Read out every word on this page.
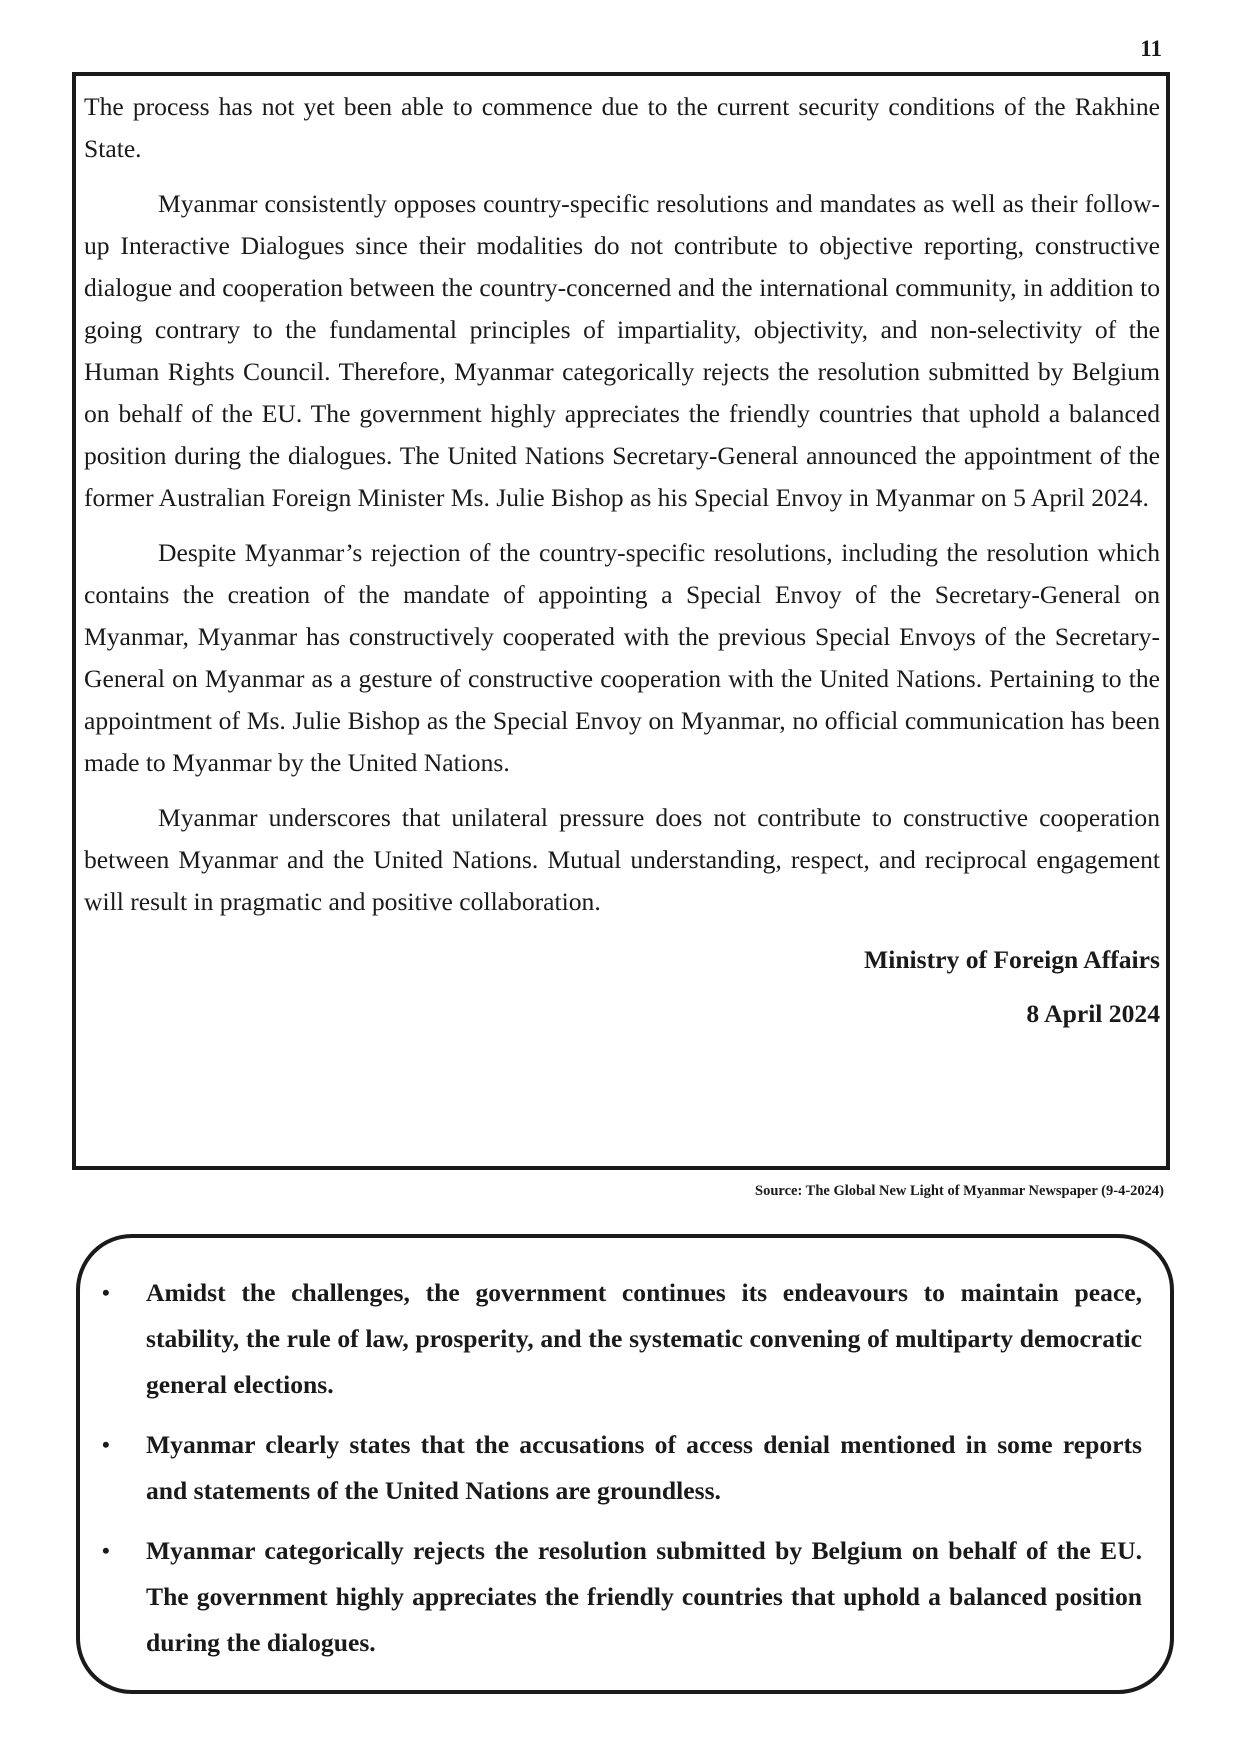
11

The process has not yet been able to commence due to the current security conditions of the Rakhine State.

Myanmar consistently opposes country-specific resolutions and mandates as well as their follow-up Interactive Dialogues since their modalities do not contribute to objective reporting, constructive dialogue and cooperation between the country-concerned and the international community, in addition to going contrary to the fundamental principles of impartiality, objectivity, and non-selectivity of the Human Rights Council. Therefore, Myanmar categorically rejects the resolution submitted by Belgium on behalf of the EU. The government highly appreciates the friendly countries that uphold a balanced position during the dialogues. The United Nations Secretary-General announced the appointment of the former Australian Foreign Minister Ms. Julie Bishop as his Special Envoy in Myanmar on 5 April 2024.

Despite Myanmar’s rejection of the country-specific resolutions, including the resolution which contains the creation of the mandate of appointing a Special Envoy of the Secretary-General on Myanmar, Myanmar has constructively cooperated with the previous Special Envoys of the Secretary-General on Myanmar as a gesture of constructive cooperation with the United Nations. Pertaining to the appointment of Ms. Julie Bishop as the Special Envoy on Myanmar, no official communication has been made to Myanmar by the United Nations.

Myanmar underscores that unilateral pressure does not contribute to constructive cooperation between Myanmar and the United Nations. Mutual understanding, respect, and reciprocal engagement will result in pragmatic and positive collaboration.

Ministry of Foreign Affairs

8 April 2024

Source: The Global New Light of Myanmar Newspaper (9-4-2024)
• Amidst the challenges, the government continues its endeavours to maintain peace, stability, the rule of law, prosperity, and the systematic convening of multiparty democratic general elections.
• Myanmar clearly states that the accusations of access denial mentioned in some reports and statements of the United Nations are groundless.
• Myanmar categorically rejects the resolution submitted by Belgium on behalf of the EU. The government highly appreciates the friendly countries that uphold a balanced position during the dialogues.
